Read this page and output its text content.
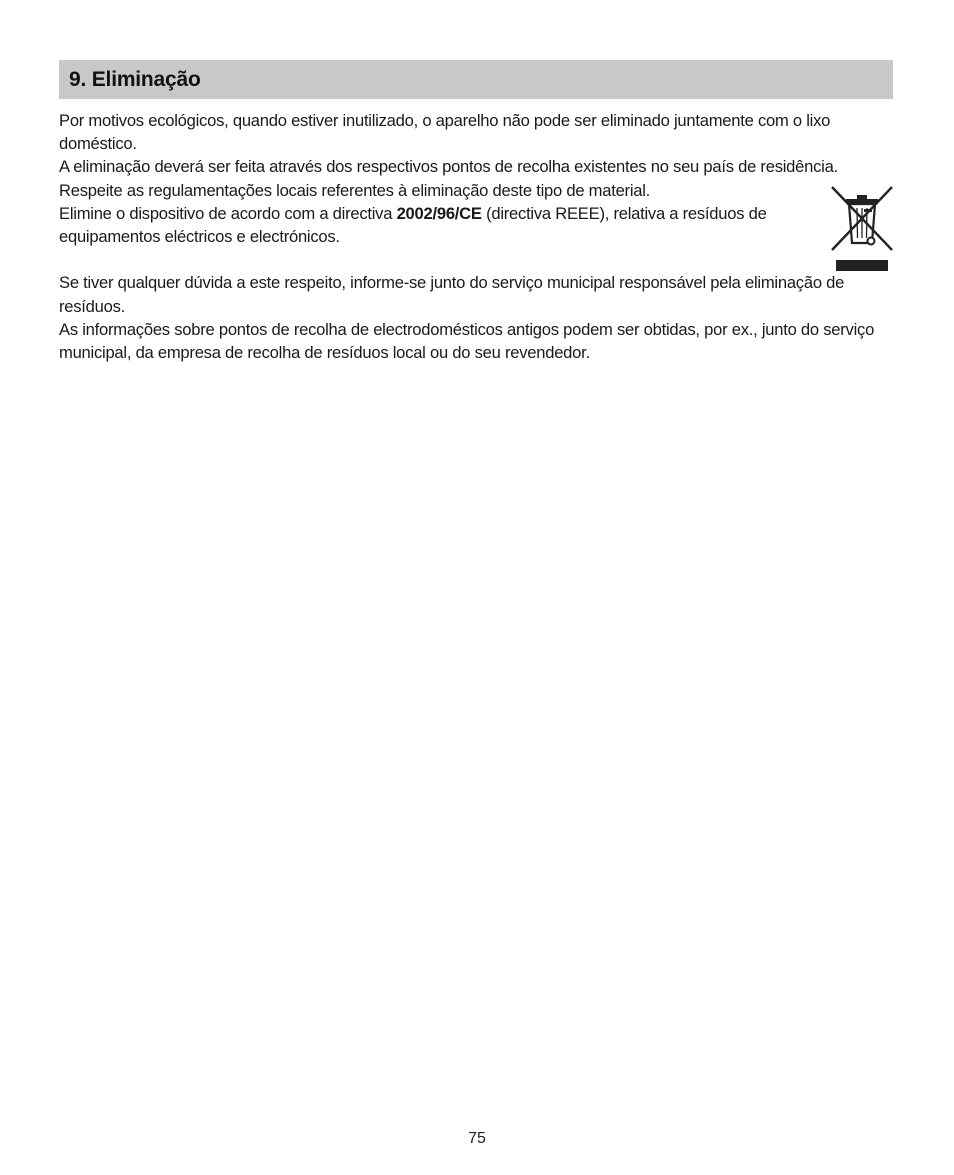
9. Eliminação

Por motivos ecológicos, quando estiver inutilizado, o aparelho não pode ser eliminado juntamente com o lixo doméstico.

A eliminação deverá ser feita através dos respectivos pontos de recolha existentes no seu país de residência.

Respeite as regulamentações locais referentes à eliminação deste tipo de material.

Elimine o dispositivo de acordo com a directiva 2002/96/CE (directiva REEE), relativa a resíduos de equipamentos eléctricos e electrónicos.

Se tiver qualquer dúvida a este respeito, informe-se junto do serviço municipal responsável pela eliminação de resíduos.

As informações sobre pontos de recolha de electrodomésticos antigos podem ser obtidas, por ex., junto do serviço municipal, da empresa de recolha de resíduos local ou do seu revendedor.

75
